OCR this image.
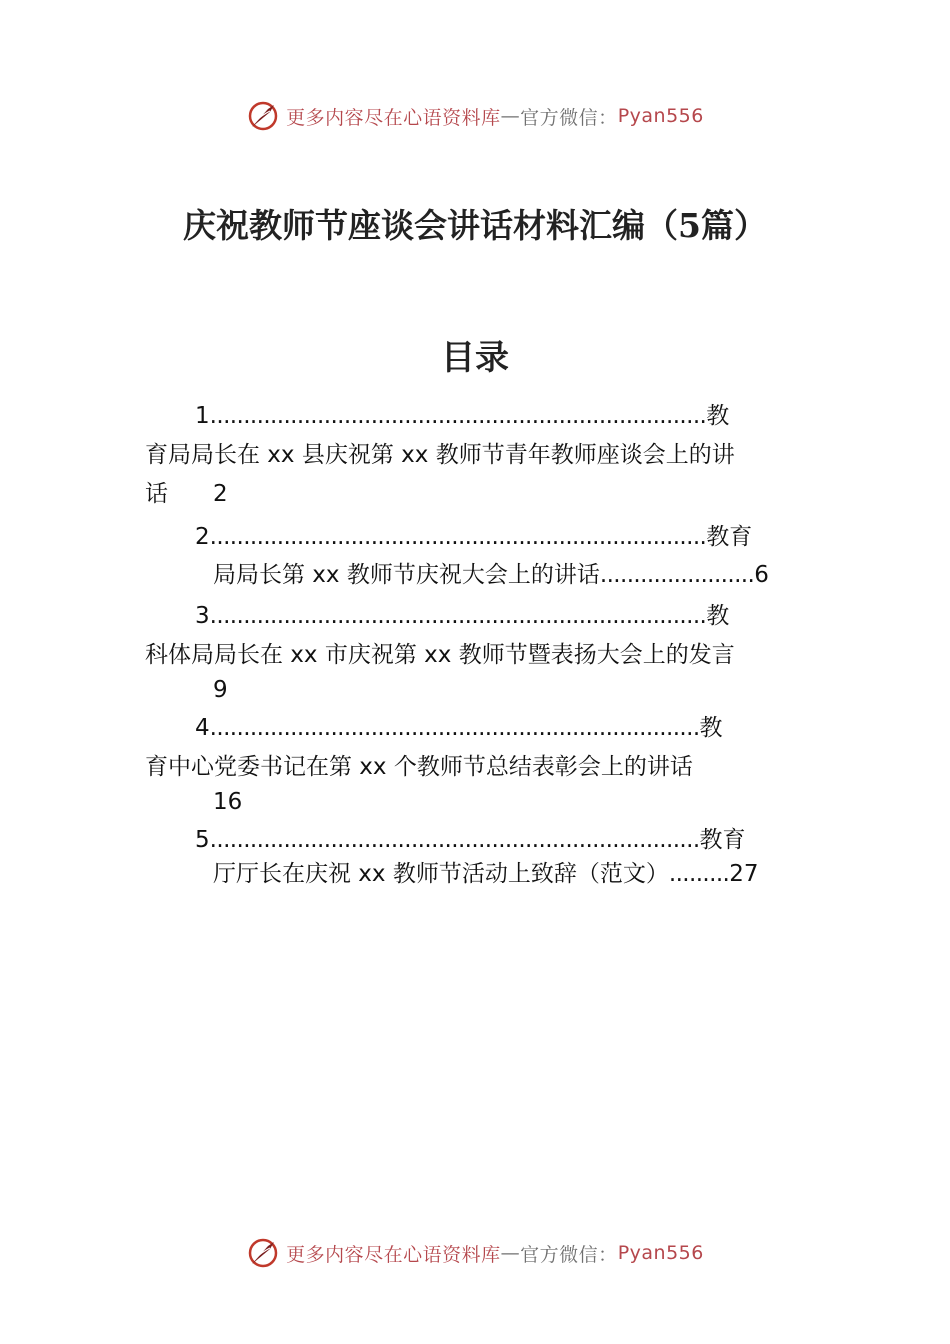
更多内容尽在心语资料库 — 官方微信： Pyan556
庆祝教师节座谈会讲话材料汇编（5篇）
目录
1..........................................................................教
育局局长在 xx 县庆祝第 xx 教师节青年教师座谈会上的讲
话 2
2..........................................................................教育
局局长第 xx 教师节庆祝大会上的讲话.......................6
3..........................................................................教
科体局局长在 xx 市庆祝第 xx 教师节暨表扬大会上的发言
9
4.........................................................................教
育中心党委书记在第 xx 个教师节总结表彰会上的讲话
16
5.........................................................................教育
厅厅长在庆祝 xx 教师节活动上致辞（范文）.........27
更多内容尽在心语资料库 — 官方微信： Pyan556
